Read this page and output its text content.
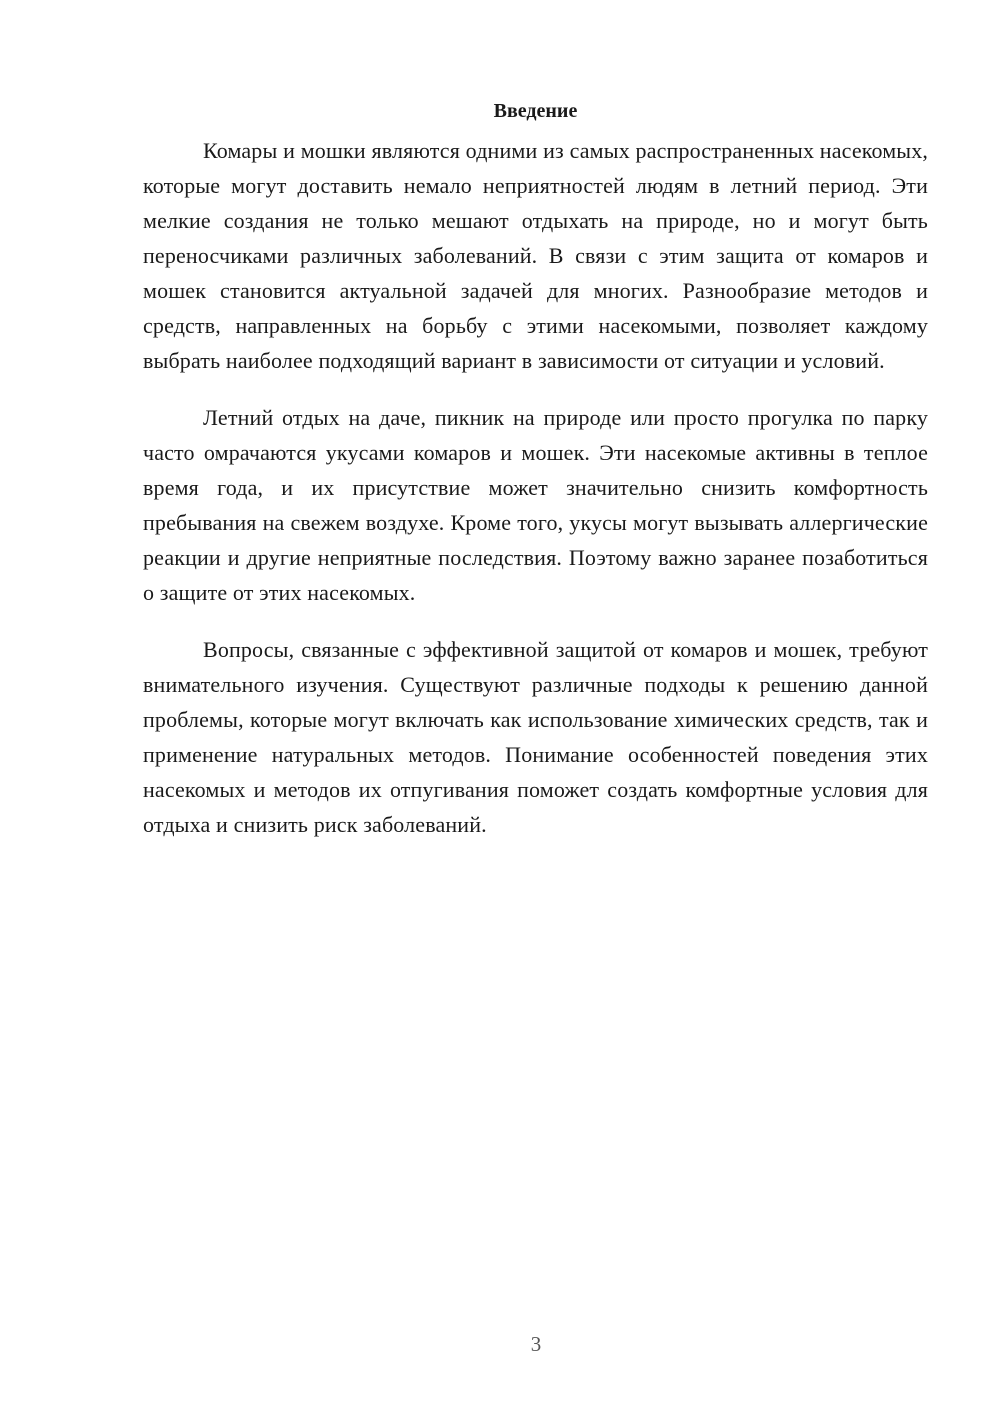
Введение

Комары и мошки являются одними из самых распространенных насекомых, которые могут доставить немало неприятностей людям в летний период. Эти мелкие создания не только мешают отдыхать на природе, но и могут быть переносчиками различных заболеваний. В связи с этим защита от комаров и мошек становится актуальной задачей для многих. Разнообразие методов и средств, направленных на борьбу с этими насекомыми, позволяет каждому выбрать наиболее подходящий вариант в зависимости от ситуации и условий.

Летний отдых на даче, пикник на природе или просто прогулка по парку часто омрачаются укусами комаров и мошек. Эти насекомые активны в теплое время года, и их присутствие может значительно снизить комфортность пребывания на свежем воздухе. Кроме того, укусы могут вызывать аллергические реакции и другие неприятные последствия. Поэтому важно заранее позаботиться о защите от этих насекомых.

Вопросы, связанные с эффективной защитой от комаров и мошек, требуют внимательного изучения. Существуют различные подходы к решению данной проблемы, которые могут включать как использование химических средств, так и применение натуральных методов. Понимание особенностей поведения этих насекомых и методов их отпугивания поможет создать комфортные условия для отдыха и снизить риск заболеваний.

3
